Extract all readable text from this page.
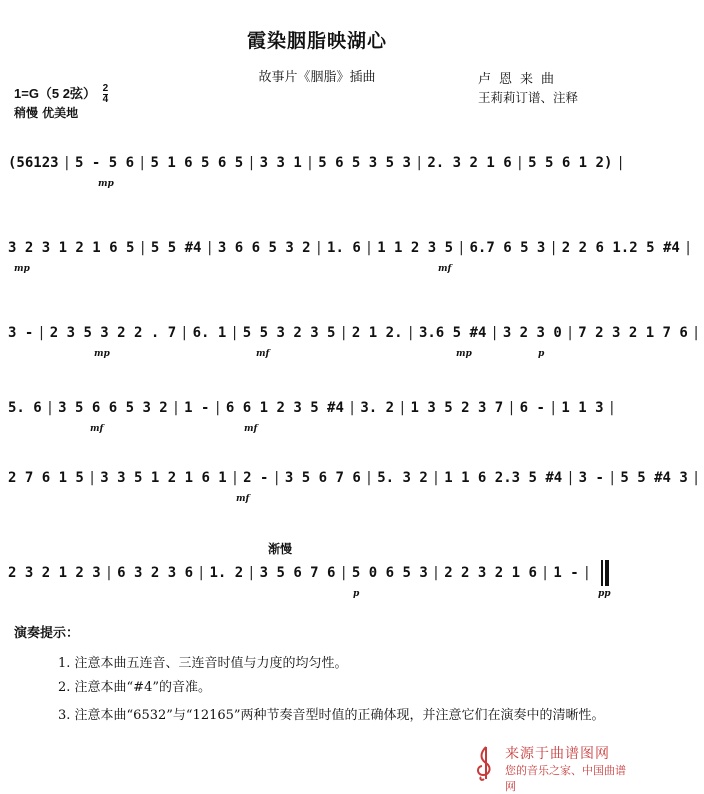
霞染胭脂映湖心
故事片《胭脂》插曲
1=G（5 2弦） $\frac{2}{4}$
稍慢 优美地
卢恩来曲
王莉莉订谱、注释
(56123 | 5 - 5 6 | 5 1 6 5 6 5 | 3 3 1 | 5 6 5 3 5 3 | 2. 3 2 1 6 | 5 5 6 1 2) |
mp
3 2 3 1 2 1 6 5 | 5 5 #4 | 3 6 6 5 3 2 | 1. 6 | 1 1 2 3 5 | 6.7 6 5 3 | 2 2 6 1.2 5 #4 |
mp	mf
3 - | 2 3 5 3 2 2 . 7 | 6. 1 | 5 5 3 2 3 5 | 2 1 2. | 3.6 5 #4 | 3 2 3 0 | 7 2 3 2 1 7 6 |
mp	mf	mp	p
5. 6 | 3 5 6 6 5 3 2 | 1 - | 6 6 1 2 3 5 #4 | 3. 2 | 1 3 5 2 3 7 | 6 - | 1 1 3 |
mf	mf
2 7 6 1 5 | 3 3 5 1 2 1 6 1 | 2 - | 3 5 6 7 6 | 5. 3 2 | 1 1 6 2.3 5 #4 | 3 - | 5 5 #4 3 |
mf
渐慢
2 3 2 1 2 3 | 6 3 2 3 6 | 1. 2 | 3 5 6 7 6 | 5 0 6 5 3 | 2 2 3 2 1 6 | 1 - |
p	pp
演奏提示：
1. 注意本曲五连音、三连音时值与力度的均匀性。
2. 注意本曲“#4”的音准。
3. 注意本曲“6532”与“12165”两种节奏音型时值的正确体现，并注意它们在演奏中的清晰性。
来源于曲谱图网
您的音乐之家、中国曲谱网
